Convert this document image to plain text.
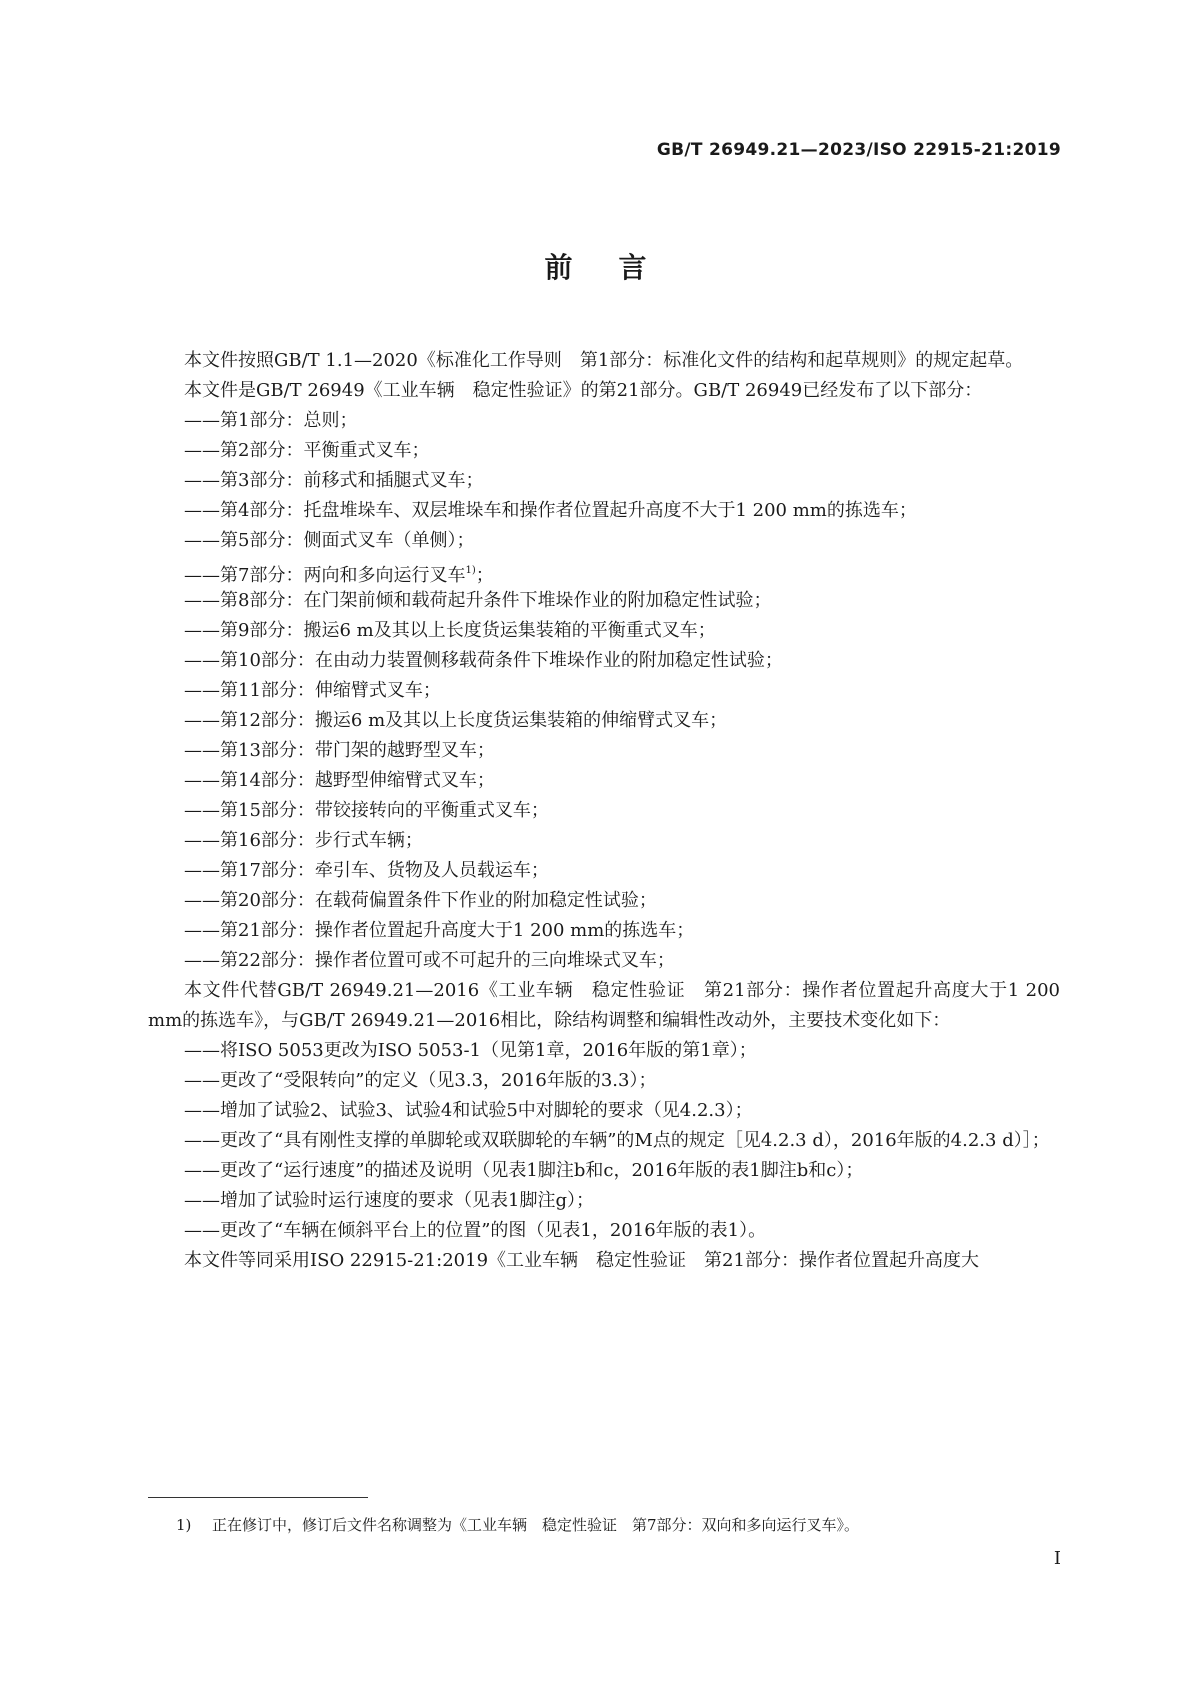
GB/T 26949.21—2023/ISO 22915-21:2019
前言

本文件按照GB/T 1.1—2020《标准化工作导则　第1部分：标准化文件的结构和起草规则》的规定起草。

本文件是GB/T 26949《工业车辆　稳定性验证》的第21部分。GB/T 26949已经发布了以下部分：

——第1部分：总则；
——第2部分：平衡重式叉车；
——第3部分：前移式和插腿式叉车；
——第4部分：托盘堆垛车、双层堆垛车和操作者位置起升高度不大于1 200 mm的拣选车；
——第5部分：侧面式叉车（单侧）；
——第7部分：两向和多向运行叉车$^{1)}$；
——第8部分：在门架前倾和载荷起升条件下堆垛作业的附加稳定性试验；
——第9部分：搬运6 m及其以上长度货运集装箱的平衡重式叉车；
——第10部分：在由动力装置侧移载荷条件下堆垛作业的附加稳定性试验；
——第11部分：伸缩臂式叉车；
——第12部分：搬运6 m及其以上长度货运集装箱的伸缩臂式叉车；
——第13部分：带门架的越野型叉车；
——第14部分：越野型伸缩臂式叉车；
——第15部分：带铰接转向的平衡重式叉车；
——第16部分：步行式车辆；
——第17部分：牵引车、货物及人员载运车；
——第20部分：在载荷偏置条件下作业的附加稳定性试验；
——第21部分：操作者位置起升高度大于1 200 mm的拣选车；
——第22部分：操作者位置可或不可起升的三向堆垛式叉车；

本文件代替GB/T 26949.21—2016《工业车辆　稳定性验证　第21部分：操作者位置起升高度大于1 200 mm的拣选车》，与GB/T 26949.21—2016相比，除结构调整和编辑性改动外，主要技术变化如下：

——将ISO 5053更改为ISO 5053-1（见第1章，2016年版的第1章）；
——更改了“受限转向”的定义（见3.3，2016年版的3.3）；
——增加了试验2、试验3、试验4和试验5中对脚轮的要求（见4.2.3）；
——更改了“具有刚性支撑的单脚轮或双联脚轮的车辆”的M点的规定［见4.2.3 d），2016年版的4.2.3 d）］；
——更改了“运行速度”的描述及说明（见表1脚注b和c，2016年版的表1脚注b和c）；
——增加了试验时运行速度的要求（见表1脚注g）；
——更改了“车辆在倾斜平台上的位置”的图（见表1，2016年版的表1）。

本文件等同采用ISO 22915-21:2019《工业车辆　稳定性验证　第21部分：操作者位置起升高度大

1) 正在修订中，修订后文件名称调整为《工业车辆　稳定性验证　第7部分：双向和多向运行叉车》。
I
